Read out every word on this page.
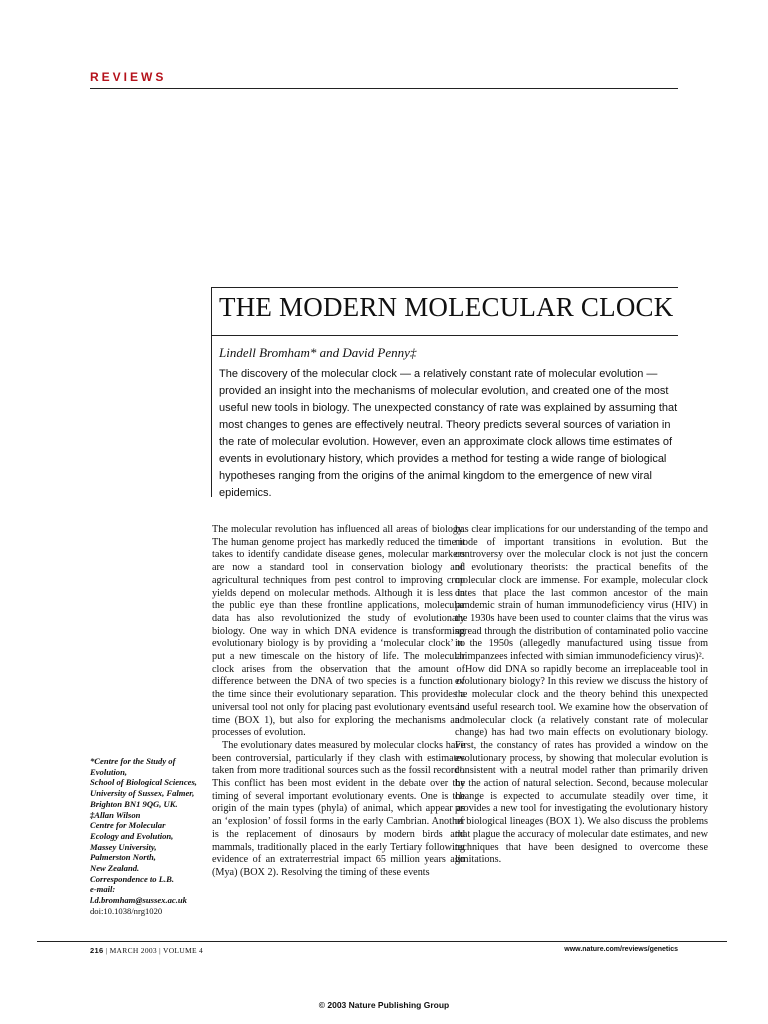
REVIEWS
THE MODERN MOLECULAR CLOCK
Lindell Bromham* and David Penny‡
The discovery of the molecular clock — a relatively constant rate of molecular evolution — provided an insight into the mechanisms of molecular evolution, and created one of the most useful new tools in biology. The unexpected constancy of rate was explained by assuming that most changes to genes are effectively neutral. Theory predicts several sources of variation in the rate of molecular evolution. However, even an approximate clock allows time estimates of events in evolutionary history, which provides a method for testing a wide range of biological hypotheses ranging from the origins of the animal kingdom to the emergence of new viral epidemics.

The molecular revolution has influenced all areas of biology. The human genome project has markedly reduced the time it takes to identify candidate disease genes, molecular markers are now a standard tool in conservation biology and agricultural techniques from pest control to improving crop yields depend on molecular methods. Although it is less in the public eye than these frontline applications, molecular data has also revolutionized the study of evolutionary biology. One way in which DNA evidence is transforming evolutionary biology is by providing a ‘molecular clock’ to put a new timescale on the history of life. The molecular clock arises from the observation that the amount of difference between the DNA of two species is a function of the time since their evolutionary separation. This provides a universal tool not only for placing past evolutionary events in time (BOX 1), but also for exploring the mechanisms and processes of evolution.

The evolutionary dates measured by molecular clocks have been controversial, particularly if they clash with estimates taken from more traditional sources such as the fossil record¹. This conflict has been most evident in the debate over the timing of several important evolutionary events. One is the origin of the main types (phyla) of animal, which appear as an ‘explosion’ of fossil forms in the early Cambrian. Another is the replacement of dinosaurs by modern birds and mammals, traditionally placed in the early Tertiary following evidence of an extraterrestrial impact 65 million years ago (Mya) (BOX 2). Resolving the timing of these events

has clear implications for our understanding of the tempo and mode of important transitions in evolution. But the controversy over the molecular clock is not just the concern of evolutionary theorists: the practical benefits of the molecular clock are immense. For example, molecular clock dates that place the last common ancestor of the main pandemic strain of human immunodeficiency virus (HIV) in the 1930s have been used to counter claims that the virus was spread through the distribution of contaminated polio vaccine in the 1950s (allegedly manufactured using tissue from chimpanzees infected with simian immunodeficiency virus)².

How did DNA so rapidly become an irreplaceable tool in evolutionary biology? In this review we discuss the history of the molecular clock and the theory behind this unexpected and useful research tool. We examine how the observation of a molecular clock (a relatively constant rate of molecular change) has had two main effects on evolutionary biology. First, the constancy of rates has provided a window on the evolutionary process, by showing that molecular evolution is consistent with a neutral model rather than primarily driven by the action of natural selection. Second, because molecular change is expected to accumulate steadily over time, it provides a new tool for investigating the evolutionary history of biological lineages (BOX 1). We also discuss the problems that plague the accuracy of molecular date estimates, and new techniques that have been designed to overcome these limitations.

*Centre for the Study of Evolution,
School of Biological Sciences,
University of Sussex, Falmer,
Brighton BN1 9QG, UK.
‡Allan Wilson
Centre for Molecular
Ecology and Evolution,
Massey University,
Palmerston North,
New Zealand.
Correspondence to L.B.
e-mail:
l.d.bromham@sussex.ac.uk
doi:10.1038/nrg1020
216 | MARCH 2003 | VOLUME 4	www.nature.com/reviews/genetics
© 2003 Nature Publishing Group
